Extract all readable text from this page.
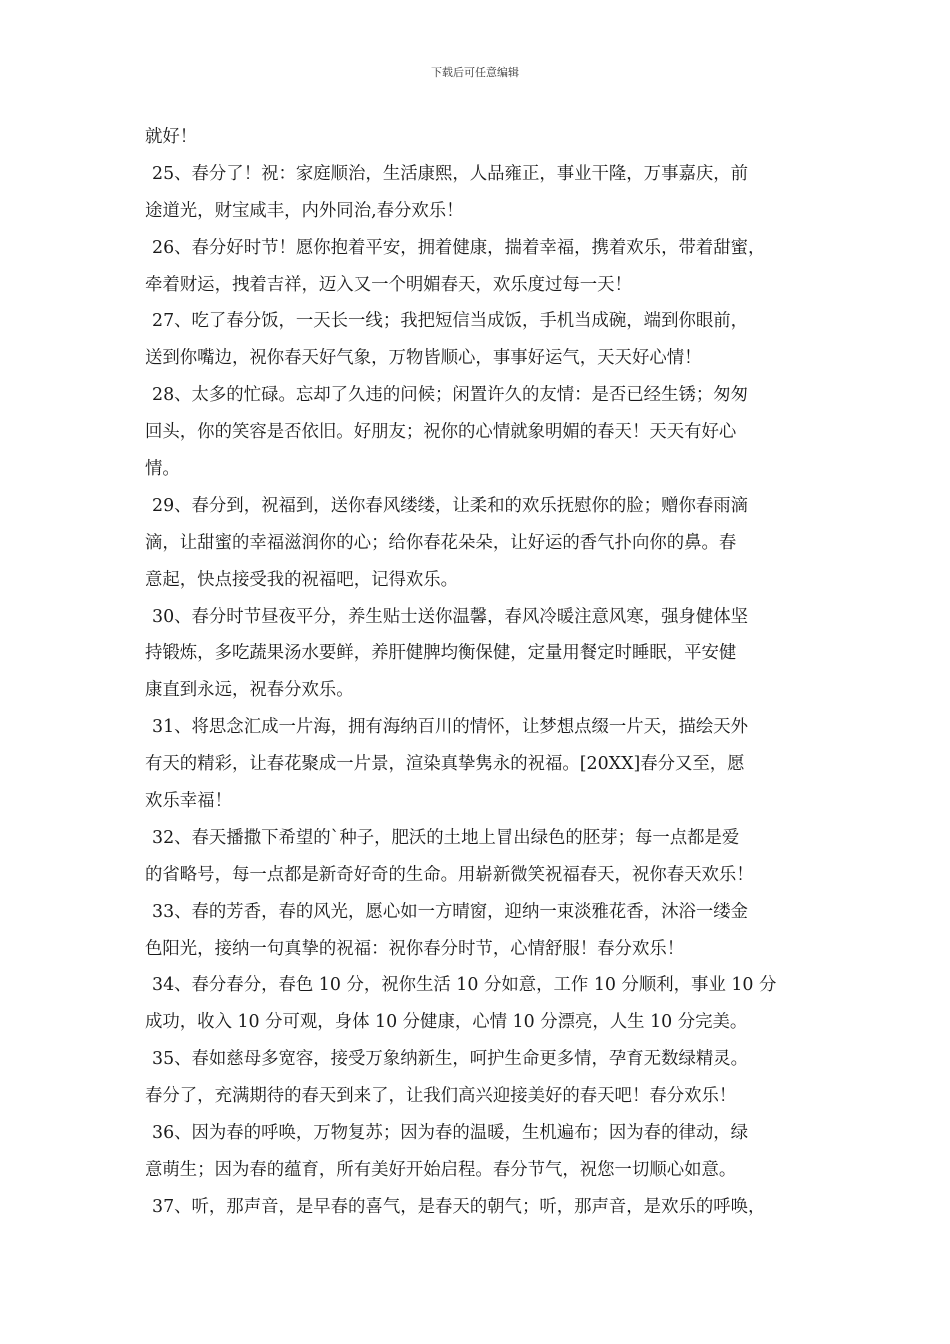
下载后可任意编辑
就好！
25、春分了！祝：家庭顺治，生活康熙，人品雍正，事业干隆，万事嘉庆，前
途道光，财宝咸丰，内外同治,春分欢乐！
26、春分好时节！愿你抱着平安，拥着健康，揣着幸福，携着欢乐，带着甜蜜，
牵着财运，拽着吉祥，迈入又一个明媚春天，欢乐度过每一天！
27、吃了春分饭，一天长一线；我把短信当成饭，手机当成碗，端到你眼前，
送到你嘴边，祝你春天好气象，万物皆顺心，事事好运气，天天好心情！
28、太多的忙碌。忘却了久违的问候；闲置许久的友情：是否已经生锈；匆匆
回头，你的笑容是否依旧。好朋友；祝你的心情就象明媚的春天！天天有好心
情。
29、春分到，祝福到，送你春风缕缕，让柔和的欢乐抚慰你的脸；赠你春雨滴
滴，让甜蜜的幸福滋润你的心；给你春花朵朵，让好运的香气扑向你的鼻。春
意起，快点接受我的祝福吧，记得欢乐。
30、春分时节昼夜平分，养生贴士送你温馨，春风冷暖注意风寒，强身健体坚
持锻炼，多吃蔬果汤水要鲜，养肝健脾均衡保健，定量用餐定时睡眠，平安健
康直到永远，祝春分欢乐。
31、将思念汇成一片海，拥有海纳百川的情怀，让梦想点缀一片天，描绘天外
有天的精彩，让春花聚成一片景，渲染真挚隽永的祝福。[20XX]春分又至，愿
欢乐幸福！
32、春天播撒下希望的`种子，肥沃的土地上冒出绿色的胚芽；每一点都是爱
的省略号，每一点都是新奇好奇的生命。用崭新微笑祝福春天，祝你春天欢乐！
33、春的芳香，春的风光，愿心如一方晴窗，迎纳一束淡雅花香，沐浴一缕金
色阳光，接纳一句真挚的祝福：祝你春分时节，心情舒服！春分欢乐！
34、春分春分，春色 10 分，祝你生活 10 分如意，工作 10 分顺利，事业 10 分
成功，收入 10 分可观，身体 10 分健康，心情 10 分漂亮，人生 10 分完美。
35、春如慈母多宽容，接受万象纳新生，呵护生命更多情，孕育无数绿精灵。
春分了，充满期待的春天到来了，让我们高兴迎接美好的春天吧！春分欢乐！
36、因为春的呼唤，万物复苏；因为春的温暖，生机遍布；因为春的律动，绿
意萌生；因为春的蕴育，所有美好开始启程。春分节气，祝您一切顺心如意。
37、听，那声音，是早春的喜气，是春天的朝气；听，那声音，是欢乐的呼唤，
